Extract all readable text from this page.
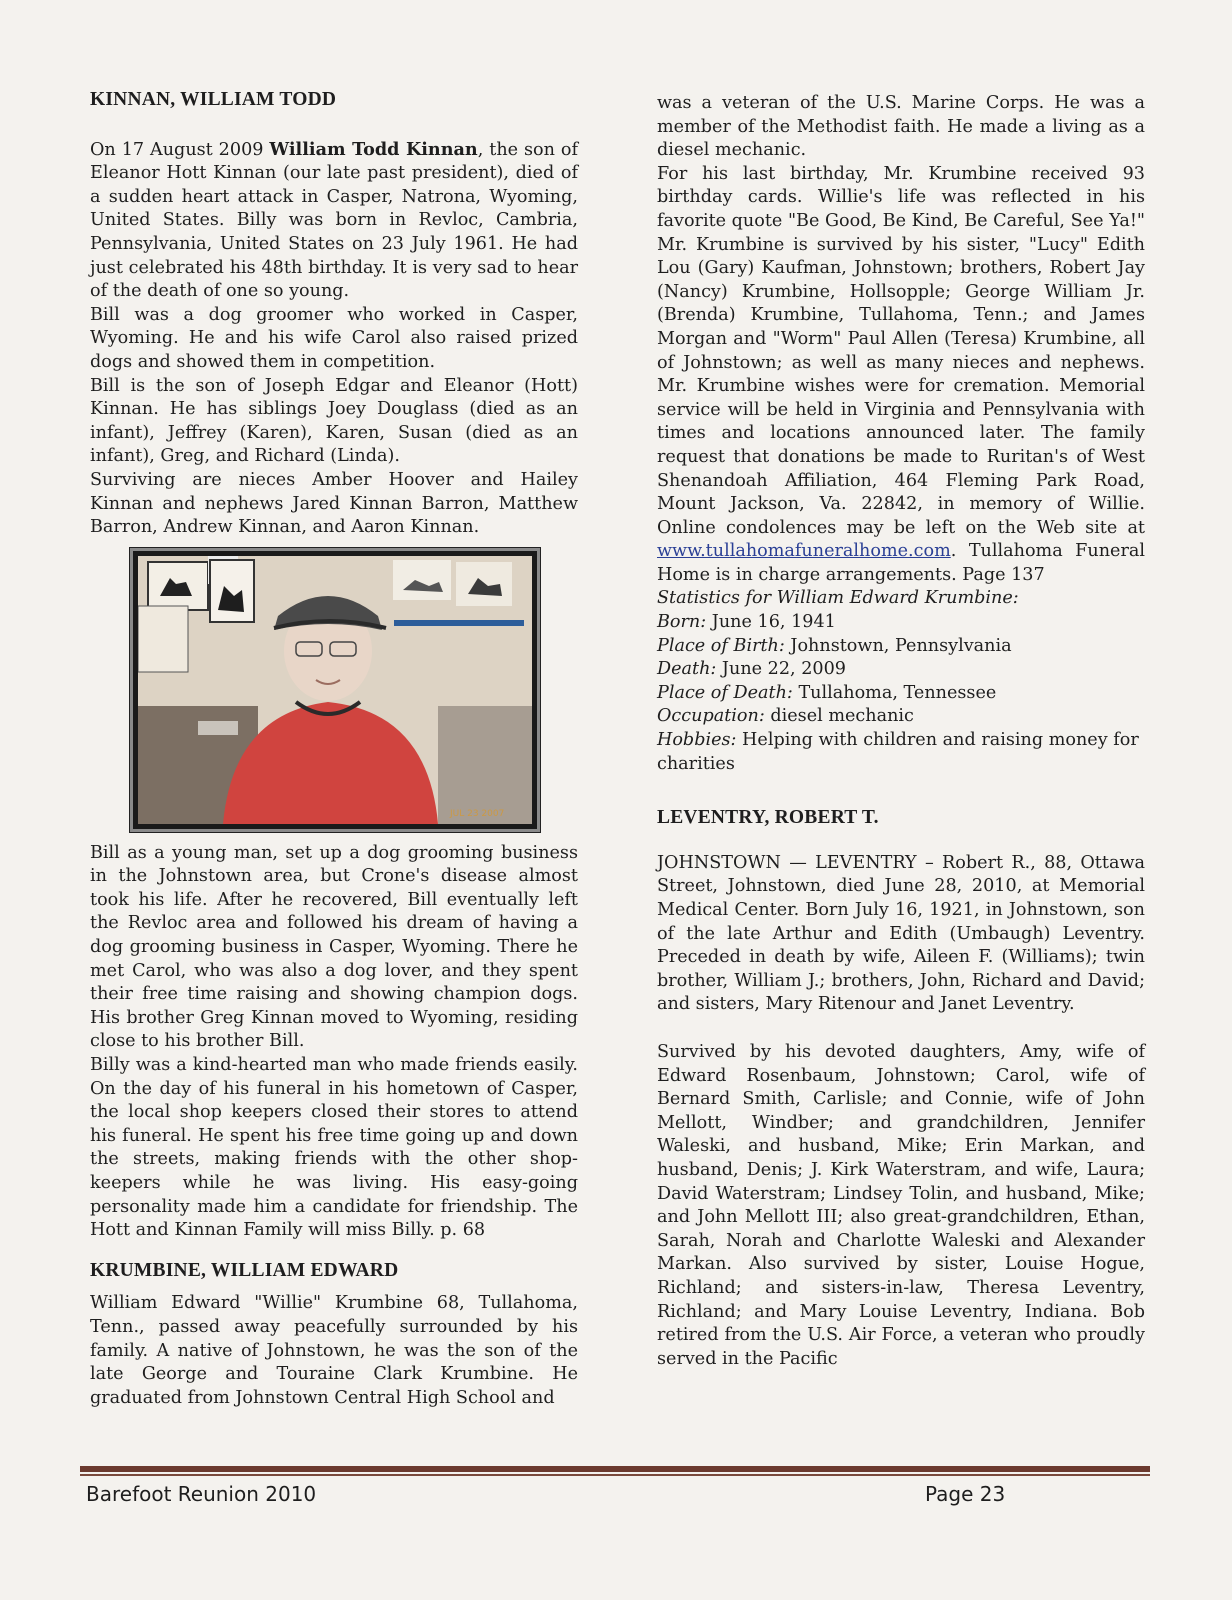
KINNAN, WILLIAM TODD

On 17 August 2009 William Todd Kinnan, the son of Eleanor Hott Kinnan (our late past president), died of a sudden heart attack in Casper, Natrona, Wyoming, United States. Billy was born in Revloc, Cambria, Pennsylvania, United States on 23 July 1961. He had just celebrated his 48th birthday. It is very sad to hear of the death of one so young.

Bill was a dog groomer who worked in Casper, Wyoming. He and his wife Carol also raised prized dogs and showed them in competition.

Bill is the son of Joseph Edgar and Eleanor (Hott) Kinnan. He has siblings Joey Douglass (died as an infant), Jeffrey (Karen), Karen, Susan (died as an infant), Greg, and Richard (Linda).

Surviving are nieces Amber Hoover and Hailey Kinnan and nephews Jared Kinnan Barron, Matthew Barron, Andrew Kinnan, and Aaron Kinnan.

JUL 23 2007

Bill as a young man, set up a dog grooming business in the Johnstown area, but Crone's disease almost took his life. After he recovered, Bill eventually left the Revloc area and followed his dream of having a dog grooming business in Casper, Wyoming. There he met Carol, who was also a dog lover, and they spent their free time raising and showing champion dogs. His brother Greg Kinnan moved to Wyoming, residing close to his brother Bill.

Billy was a kind-hearted man who made friends easily. On the day of his funeral in his hometown of Casper, the local shop keepers closed their stores to attend his funeral. He spent his free time going up and down the streets, making friends with the other shop-keepers while he was living. His easy-going personality made him a candidate for friendship. The Hott and Kinnan Family will miss Billy. p. 68

KRUMBINE, WILLIAM EDWARD

William Edward "Willie" Krumbine 68, Tullahoma, Tenn., passed away peacefully surrounded by his family. A native of Johnstown, he was the son of the late George and Touraine Clark Krumbine. He graduated from Johnstown Central High School and

was a veteran of the U.S. Marine Corps. He was a member of the Methodist faith. He made a living as a diesel mechanic.

For his last birthday, Mr. Krumbine received 93 birthday cards. Willie's life was reflected in his favorite quote "Be Good, Be Kind, Be Careful, See Ya!" Mr. Krumbine is survived by his sister, "Lucy" Edith Lou (Gary) Kaufman, Johnstown; brothers, Robert Jay (Nancy) Krumbine, Hollsopple; George William Jr. (Brenda) Krumbine, Tullahoma, Tenn.; and James Morgan and "Worm" Paul Allen (Teresa) Krumbine, all of Johnstown; as well as many nieces and nephews. Mr. Krumbine wishes were for cremation. Memorial service will be held in Virginia and Pennsylvania with times and locations announced later. The family request that donations be made to Ruritan's of West Shenandoah Affiliation, 464 Fleming Park Road, Mount Jackson, Va. 22842, in memory of Willie. Online condolences may be left on the Web site at www.tullahomafuneralhome.com. Tullahoma Funeral Home is in charge arrangements. Page 137

Statistics for William Edward Krumbine:

Born: June 16, 1941

Place of Birth: Johnstown, Pennsylvania

Death: June 22, 2009

Place of Death: Tullahoma, Tennessee

Occupation: diesel mechanic

Hobbies: Helping with children and raising money for charities

LEVENTRY, ROBERT T.

JOHNSTOWN — LEVENTRY – Robert R., 88, Ottawa Street, Johnstown, died June 28, 2010, at Memorial Medical Center. Born July 16, 1921, in Johnstown, son of the late Arthur and Edith (Umbaugh) Leventry. Preceded in death by wife, Aileen F. (Williams); twin brother, William J.; brothers, John, Richard and David; and sisters, Mary Ritenour and Janet Leventry.

Survived by his devoted daughters, Amy, wife of Edward Rosenbaum, Johnstown; Carol, wife of Bernard Smith, Carlisle; and Connie, wife of John Mellott, Windber; and grandchildren, Jennifer Waleski, and husband, Mike; Erin Markan, and husband, Denis; J. Kirk Waterstram, and wife, Laura; David Waterstram; Lindsey Tolin, and husband, Mike; and John Mellott III; also great-grandchildren, Ethan, Sarah, Norah and Charlotte Waleski and Alexander Markan. Also survived by sister, Louise Hogue, Richland; and sisters-in-law, Theresa Leventry, Richland; and Mary Louise Leventry, Indiana. Bob retired from the U.S. Air Force, a veteran who proudly served in the Pacific

Barefoot Reunion 2010	Page 23
